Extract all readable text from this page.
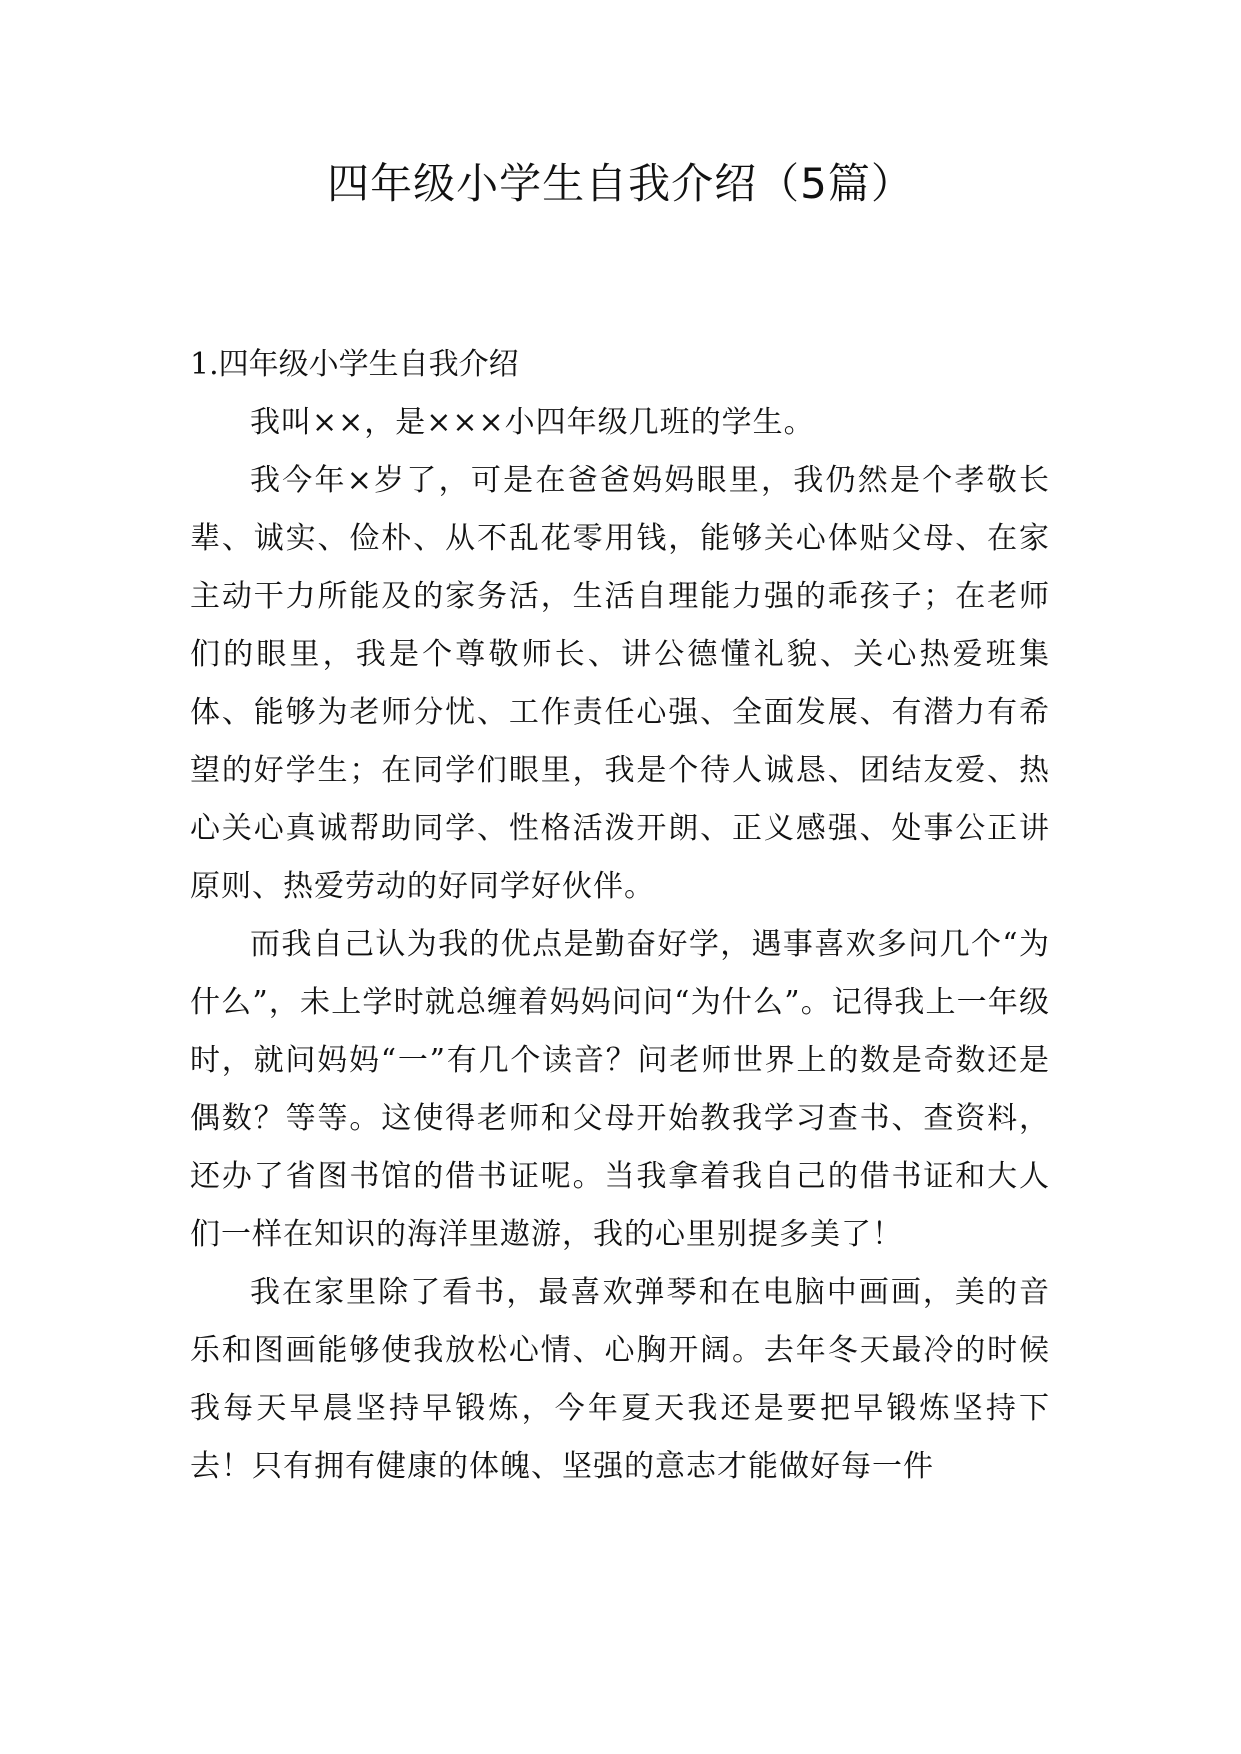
四年级小学生自我介绍（5篇）
1.四年级小学生自我介绍

我叫××，是×××小四年级几班的学生。

我今年×岁了，可是在爸爸妈妈眼里，我仍然是个孝敬长辈、诚实、俭朴、从不乱花零用钱，能够关心体贴父母、在家主动干力所能及的家务活，生活自理能力强的乖孩子；在老师们的眼里，我是个尊敬师长、讲公德懂礼貌、关心热爱班集体、能够为老师分忧、工作责任心强、全面发展、有潜力有希望的好学生；在同学们眼里，我是个待人诚恳、团结友爱、热心关心真诚帮助同学、性格活泼开朗、正义感强、处事公正讲原则、热爱劳动的好同学好伙伴。

而我自己认为我的优点是勤奋好学，遇事喜欢多问几个“为什么”，未上学时就总缠着妈妈问问“为什么”。记得我上一年级时，就问妈妈“一”有几个读音？问老师世界上的数是奇数还是偶数？等等。这使得老师和父母开始教我学习查书、查资料，还办了省图书馆的借书证呢。当我拿着我自己的借书证和大人们一样在知识的海洋里遨游，我的心里别提多美了！

我在家里除了看书，最喜欢弹琴和在电脑中画画，美的音乐和图画能够使我放松心情、心胸开阔。去年冬天最冷的时候我每天早晨坚持早锻炼，今年夏天我还是要把早锻炼坚持下去！只有拥有健康的体魄、坚强的意志才能做好每一件
